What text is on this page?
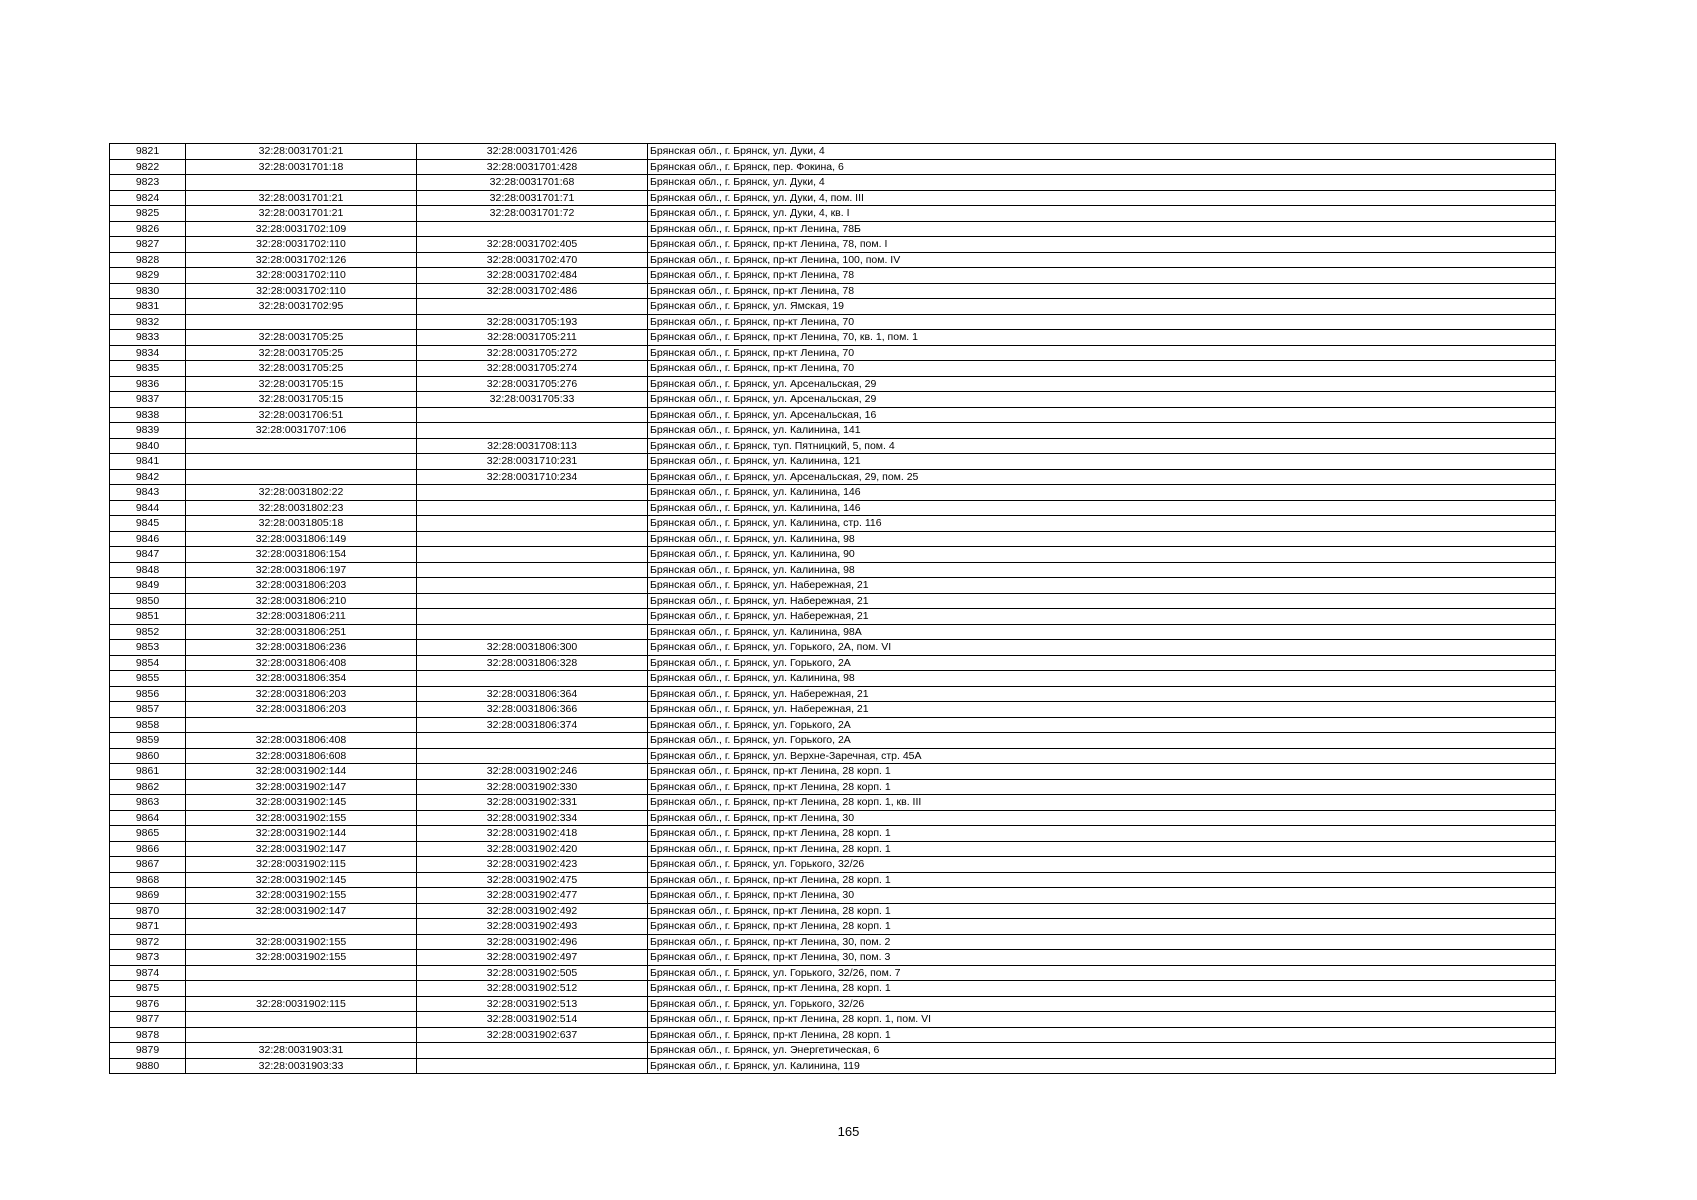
9821	32:28:0031701:21	32:28:0031701:426	Брянская обл., г. Брянск, ул. Дуки, 4
9822	32:28:0031701:18	32:28:0031701:428	Брянская обл., г. Брянск, пер. Фокина, 6
9823		32:28:0031701:68	Брянская обл., г. Брянск, ул. Дуки, 4
9824	32:28:0031701:21	32:28:0031701:71	Брянская обл., г. Брянск, ул. Дуки, 4, пом. III
9825	32:28:0031701:21	32:28:0031701:72	Брянская обл., г. Брянск, ул. Дуки, 4, кв. I
9826	32:28:0031702:109		Брянская обл., г. Брянск, пр-кт Ленина, 78Б
9827	32:28:0031702:110	32:28:0031702:405	Брянская обл., г. Брянск, пр-кт Ленина, 78, пом. I
9828	32:28:0031702:126	32:28:0031702:470	Брянская обл., г. Брянск, пр-кт Ленина, 100, пом. IV
9829	32:28:0031702:110	32:28:0031702:484	Брянская обл., г. Брянск, пр-кт Ленина, 78
9830	32:28:0031702:110	32:28:0031702:486	Брянская обл., г. Брянск, пр-кт Ленина, 78
9831	32:28:0031702:95		Брянская обл., г. Брянск, ул. Ямская, 19
9832		32:28:0031705:193	Брянская обл., г. Брянск, пр-кт Ленина, 70
9833	32:28:0031705:25	32:28:0031705:211	Брянская обл., г. Брянск, пр-кт Ленина, 70, кв. 1, пом. 1
9834	32:28:0031705:25	32:28:0031705:272	Брянская обл., г. Брянск, пр-кт Ленина, 70
9835	32:28:0031705:25	32:28:0031705:274	Брянская обл., г. Брянск, пр-кт Ленина, 70
9836	32:28:0031705:15	32:28:0031705:276	Брянская обл., г. Брянск, ул. Арсенальская, 29
9837	32:28:0031705:15	32:28:0031705:33	Брянская обл., г. Брянск, ул. Арсенальская, 29
9838	32:28:0031706:51		Брянская обл., г. Брянск, ул. Арсенальская, 16
9839	32:28:0031707:106		Брянская обл., г. Брянск, ул. Калинина, 141
9840		32:28:0031708:113	Брянская обл., г. Брянск, туп. Пятницкий, 5, пом. 4
9841		32:28:0031710:231	Брянская обл., г. Брянск, ул. Калинина, 121
9842		32:28:0031710:234	Брянская обл., г. Брянск, ул. Арсенальская, 29, пом. 25
9843	32:28:0031802:22		Брянская обл., г. Брянск, ул. Калинина, 146
9844	32:28:0031802:23		Брянская обл., г. Брянск, ул. Калинина, 146
9845	32:28:0031805:18		Брянская обл., г. Брянск, ул. Калинина, стр. 116
9846	32:28:0031806:149		Брянская обл., г. Брянск, ул. Калинина, 98
9847	32:28:0031806:154		Брянская обл., г. Брянск, ул. Калинина, 90
9848	32:28:0031806:197		Брянская обл., г. Брянск, ул. Калинина, 98
9849	32:28:0031806:203		Брянская обл., г. Брянск, ул. Набережная, 21
9850	32:28:0031806:210		Брянская обл., г. Брянск, ул. Набережная, 21
9851	32:28:0031806:211		Брянская обл., г. Брянск, ул. Набережная, 21
9852	32:28:0031806:251		Брянская обл., г. Брянск, ул. Калинина, 98А
9853	32:28:0031806:236	32:28:0031806:300	Брянская обл., г. Брянск, ул. Горького, 2А, пом. VI
9854	32:28:0031806:408	32:28:0031806:328	Брянская обл., г. Брянск, ул. Горького, 2А
9855	32:28:0031806:354		Брянская обл., г. Брянск, ул. Калинина, 98
9856	32:28:0031806:203	32:28:0031806:364	Брянская обл., г. Брянск, ул. Набережная, 21
9857	32:28:0031806:203	32:28:0031806:366	Брянская обл., г. Брянск, ул. Набережная, 21
9858		32:28:0031806:374	Брянская обл., г. Брянск, ул. Горького, 2А
9859	32:28:0031806:408		Брянская обл., г. Брянск, ул. Горького, 2А
9860	32:28:0031806:608		Брянская обл., г. Брянск, ул. Верхне-Заречная, стр. 45А
9861	32:28:0031902:144	32:28:0031902:246	Брянская обл., г. Брянск, пр-кт Ленина, 28 корп. 1
9862	32:28:0031902:147	32:28:0031902:330	Брянская обл., г. Брянск, пр-кт Ленина, 28 корп. 1
9863	32:28:0031902:145	32:28:0031902:331	Брянская обл., г. Брянск, пр-кт Ленина, 28 корп. 1, кв. III
9864	32:28:0031902:155	32:28:0031902:334	Брянская обл., г. Брянск, пр-кт Ленина, 30
9865	32:28:0031902:144	32:28:0031902:418	Брянская обл., г. Брянск, пр-кт Ленина, 28 корп. 1
9866	32:28:0031902:147	32:28:0031902:420	Брянская обл., г. Брянск, пр-кт Ленина, 28 корп. 1
9867	32:28:0031902:115	32:28:0031902:423	Брянская обл., г. Брянск, ул. Горького, 32/26
9868	32:28:0031902:145	32:28:0031902:475	Брянская обл., г. Брянск, пр-кт Ленина, 28 корп. 1
9869	32:28:0031902:155	32:28:0031902:477	Брянская обл., г. Брянск, пр-кт Ленина, 30
9870	32:28:0031902:147	32:28:0031902:492	Брянская обл., г. Брянск, пр-кт Ленина, 28 корп. 1
9871		32:28:0031902:493	Брянская обл., г. Брянск, пр-кт Ленина, 28 корп. 1
9872	32:28:0031902:155	32:28:0031902:496	Брянская обл., г. Брянск, пр-кт Ленина, 30, пом. 2
9873	32:28:0031902:155	32:28:0031902:497	Брянская обл., г. Брянск, пр-кт Ленина, 30, пом. 3
9874		32:28:0031902:505	Брянская обл., г. Брянск, ул. Горького, 32/26, пом. 7
9875		32:28:0031902:512	Брянская обл., г. Брянск, пр-кт Ленина, 28 корп. 1
9876	32:28:0031902:115	32:28:0031902:513	Брянская обл., г. Брянск, ул. Горького, 32/26
9877		32:28:0031902:514	Брянская обл., г. Брянск, пр-кт Ленина, 28 корп. 1, пом. VI
9878		32:28:0031902:637	Брянская обл., г. Брянск, пр-кт Ленина, 28 корп. 1
9879	32:28:0031903:31		Брянская обл., г. Брянск, ул. Энергетическая, 6
9880	32:28:0031903:33		Брянская обл., г. Брянск, ул. Калинина, 119
165
